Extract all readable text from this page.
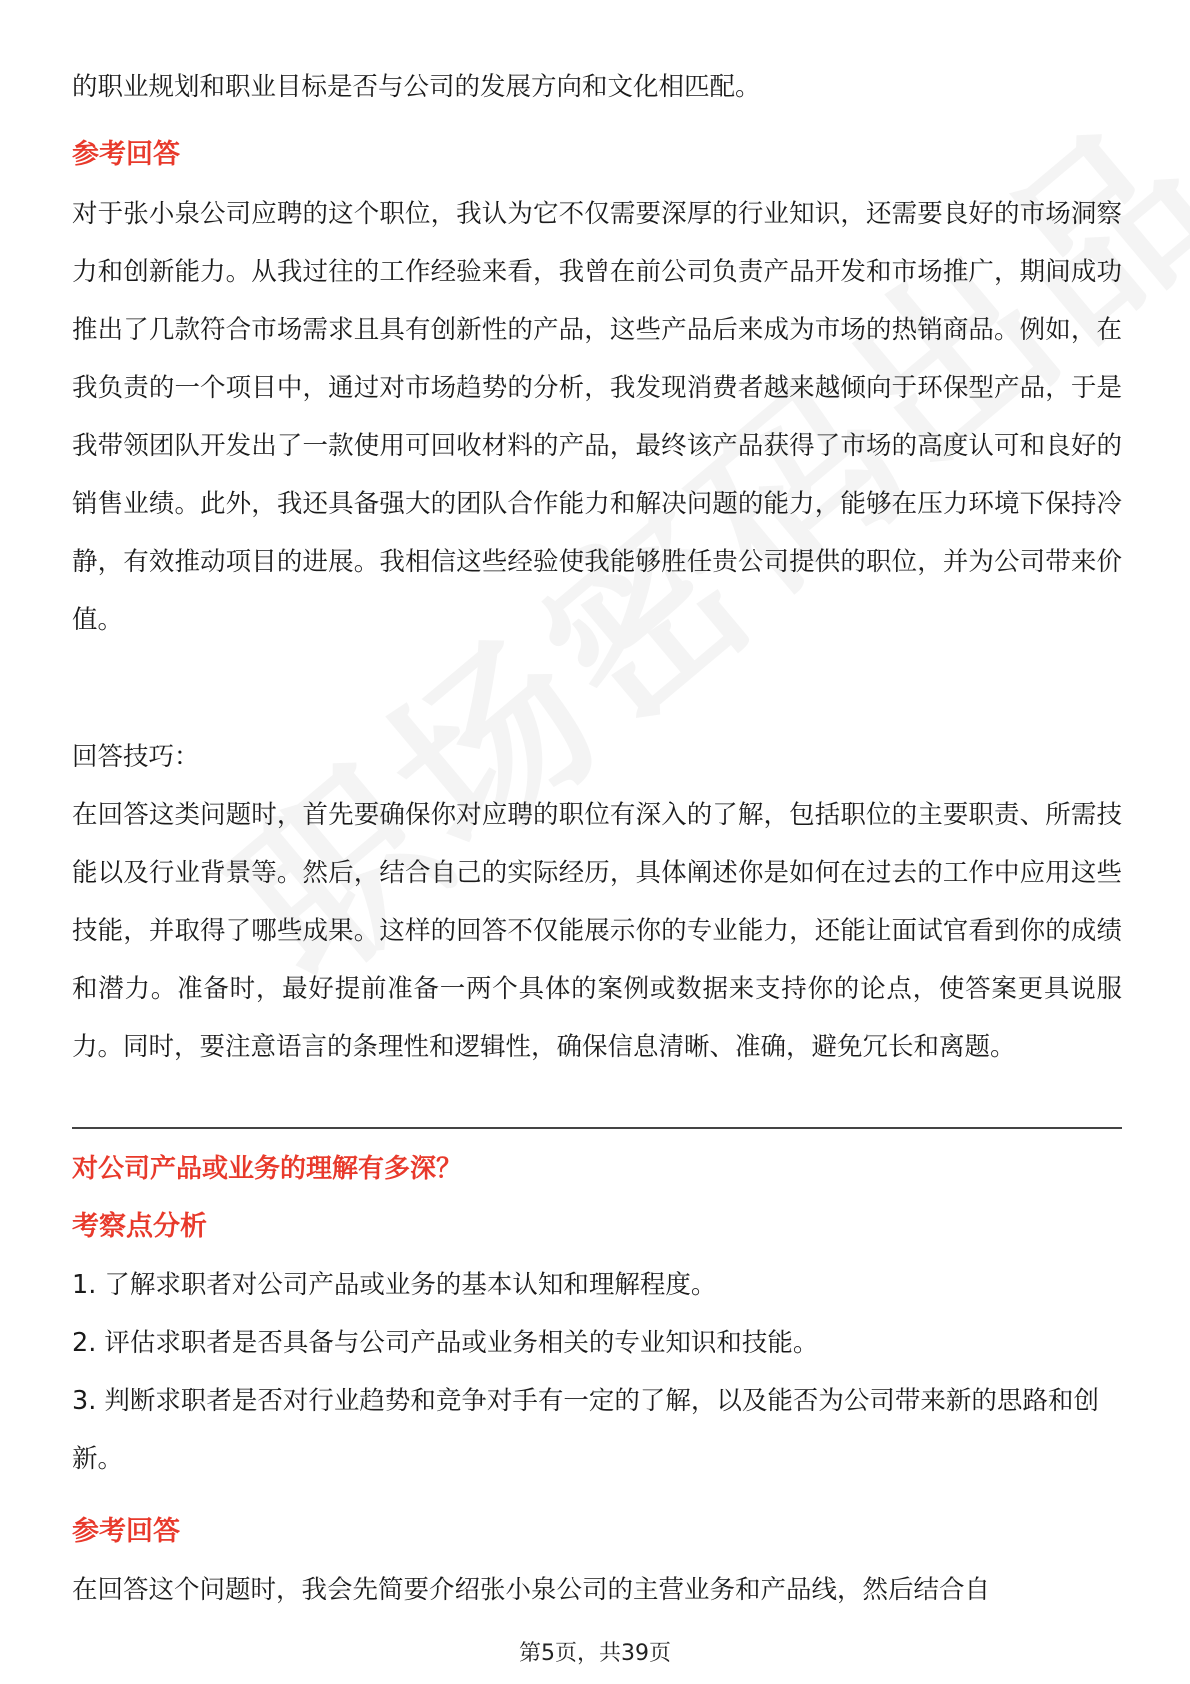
的职业规划和职业目标是否与公司的发展方向和文化相匹配。

参考回答

对于张小泉公司应聘的这个职位，我认为它不仅需要深厚的行业知识，还需要良好的市场洞察力和创新能力。从我过往的工作经验来看，我曾在前公司负责产品开发和市场推广，期间成功推出了几款符合市场需求且具有创新性的产品，这些产品后来成为市场的热销商品。例如，在我负责的一个项目中，通过对市场趋势的分析，我发现消费者越来越倾向于环保型产品，于是我带领团队开发出了一款使用可回收材料的产品，最终该产品获得了市场的高度认可和良好的销售业绩。此外，我还具备强大的团队合作能力和解决问题的能力，能够在压力环境下保持冷静，有效推动项目的进展。我相信这些经验使我能够胜任贵公司提供的职位，并为公司带来价值。

回答技巧：

在回答这类问题时，首先要确保你对应聘的职位有深入的了解，包括职位的主要职责、所需技能以及行业背景等。然后，结合自己的实际经历，具体阐述你是如何在过去的工作中应用这些技能，并取得了哪些成果。这样的回答不仅能展示你的专业能力，还能让面试官看到你的成绩和潜力。准备时，最好提前准备一两个具体的案例或数据来支持你的论点，使答案更具说服力。同时，要注意语言的条理性和逻辑性，确保信息清晰、准确，避免冗长和离题。

对公司产品或业务的理解有多深？

考察点分析

1. 了解求职者对公司产品或业务的基本认知和理解程度。

2. 评估求职者是否具备与公司产品或业务相关的专业知识和技能。

3. 判断求职者是否对行业趋势和竞争对手有一定的了解，以及能否为公司带来新的思路和创新。

参考回答

在回答这个问题时，我会先简要介绍张小泉公司的主营业务和产品线，然后结合自

第5页，共39页
